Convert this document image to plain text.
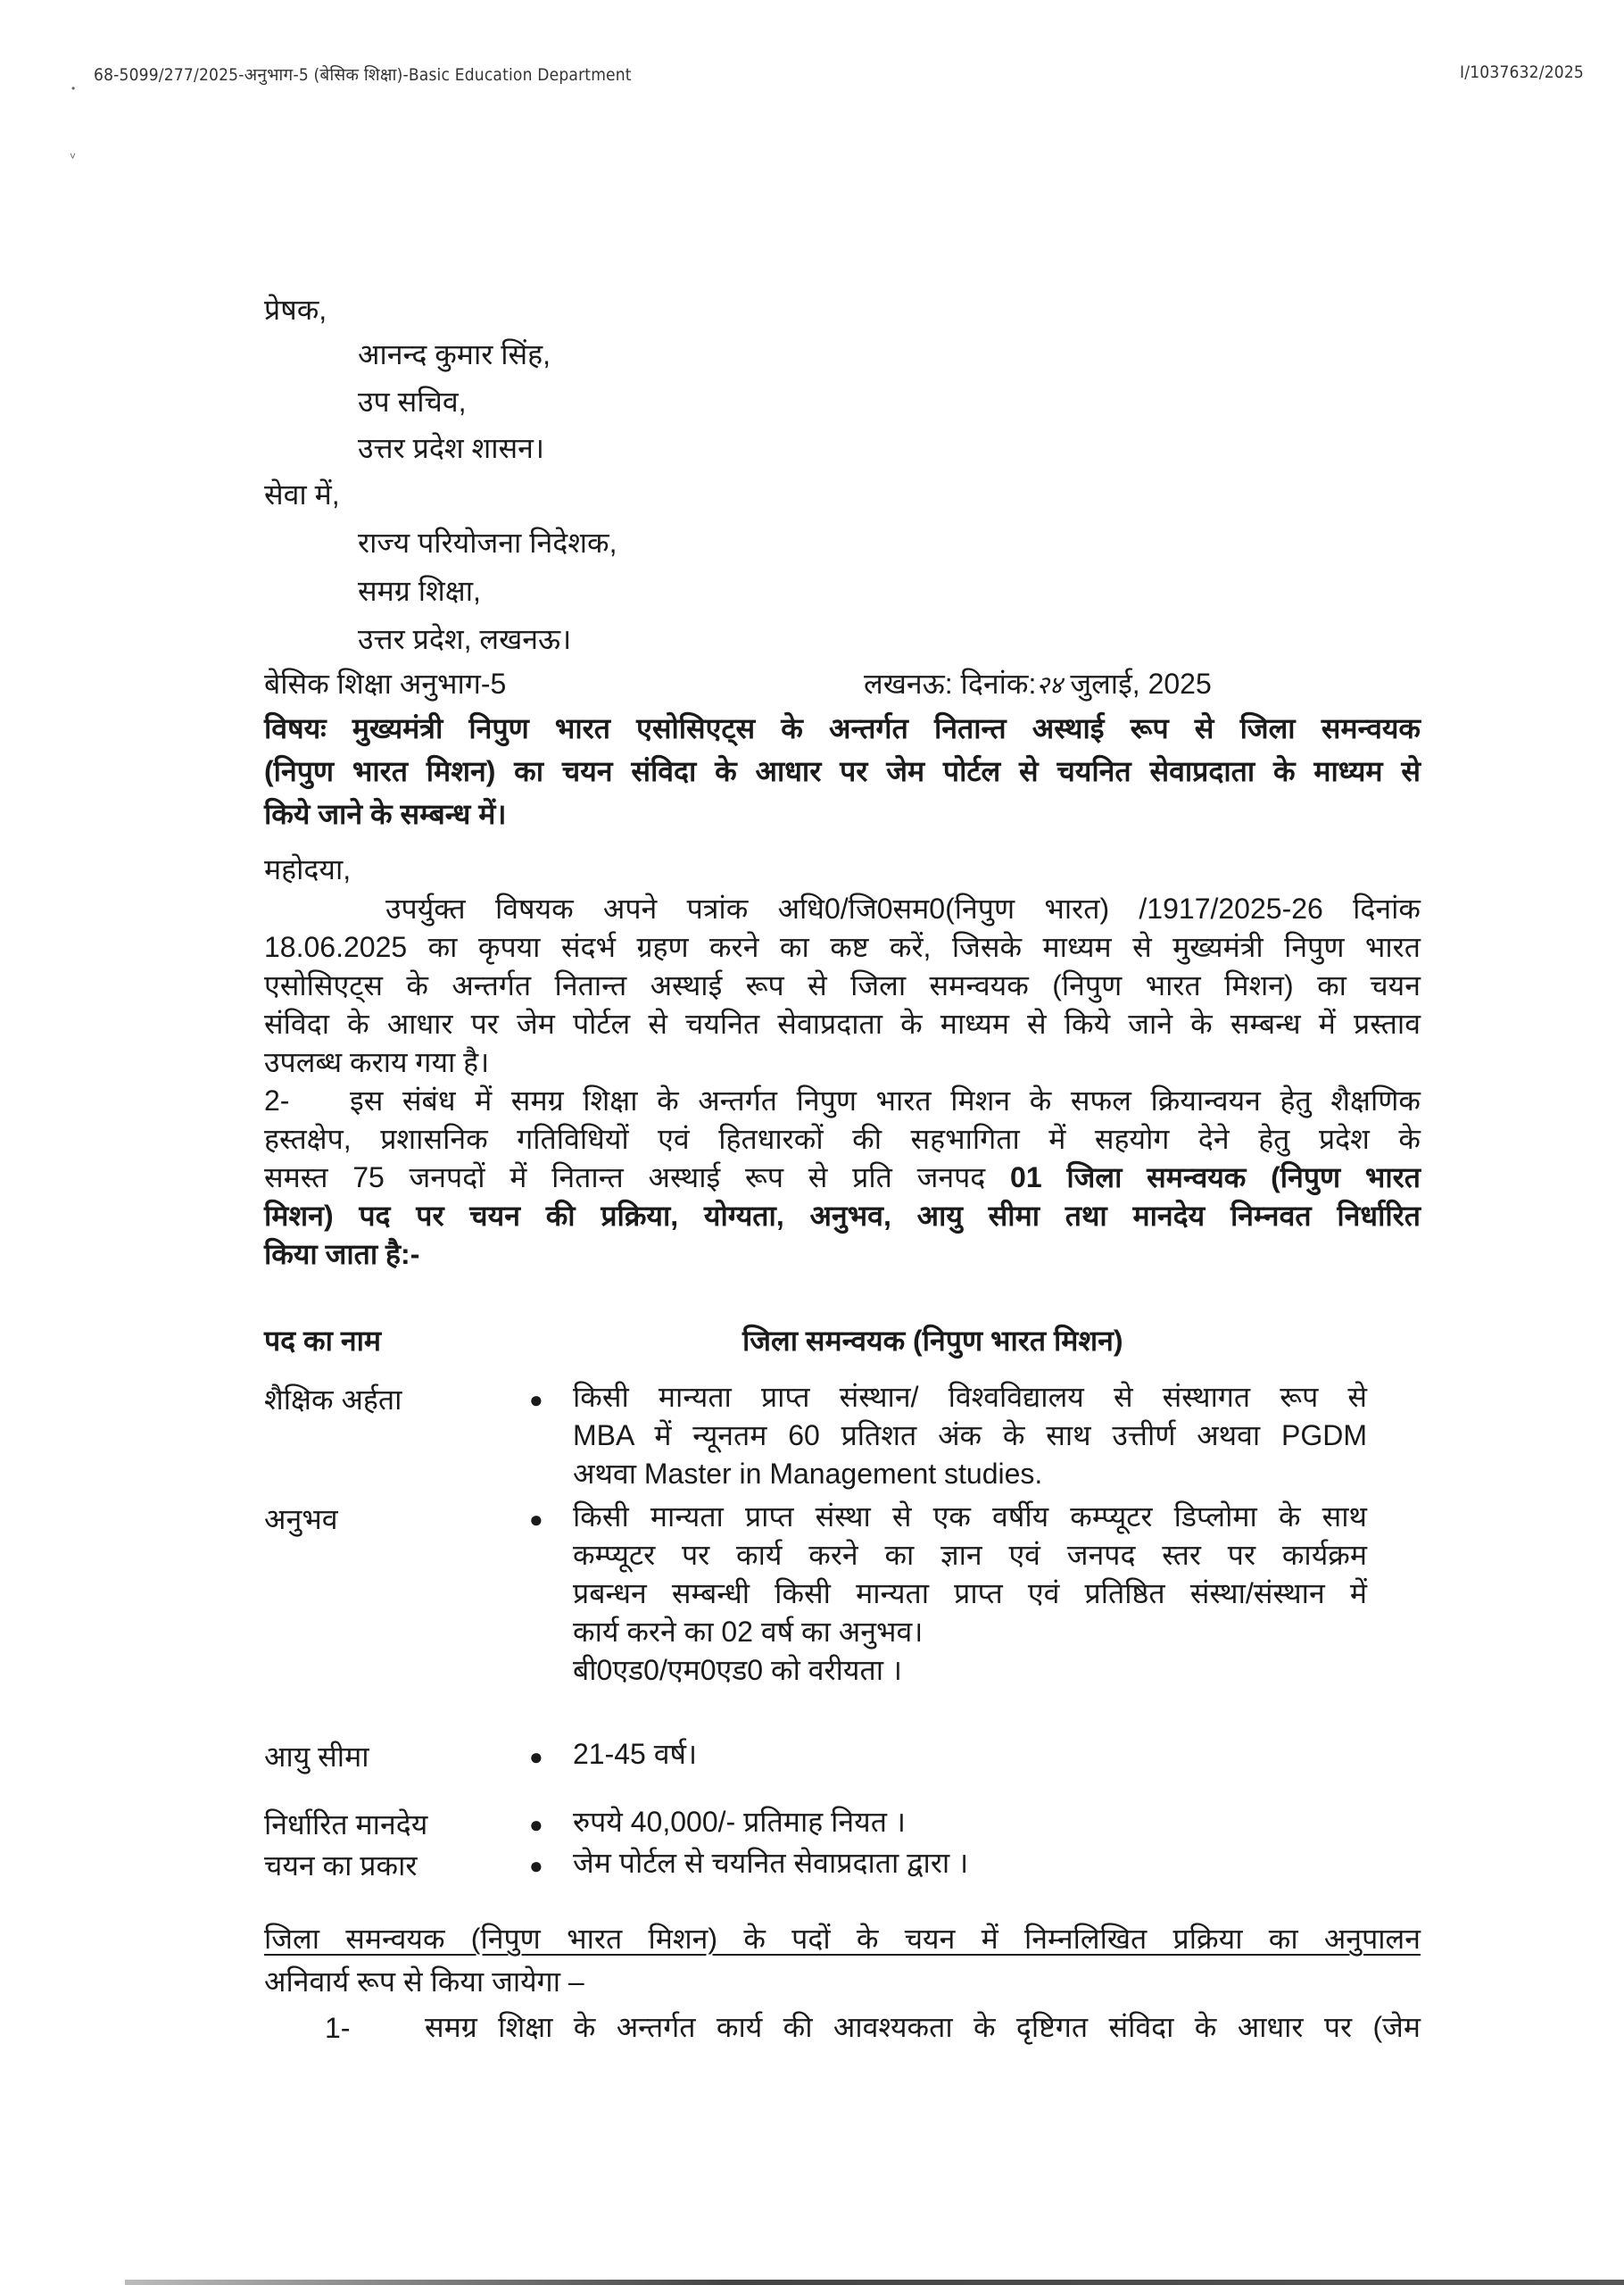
68-5099/277/2025-अनुभाग-5 (बेसिक शिक्षा)-Basic Education Department	I/1037632/2025
•
˅
प्रेषक,
आनन्द कुमार सिंह,
उप सचिव,
उत्तर प्रदेश शासन।
सेवा में,
राज्य परियोजना निदेशक,
समग्र शिक्षा,
उत्तर प्रदेश, लखनऊ।
बेसिक शिक्षा अनुभाग-5	लखनऊ: दिनांक:२४ जुलाई, 2025
विषयः मुख्यमंत्री निपुण भारत एसोसिएट्स के अन्तर्गत नितान्त अस्थाई रूप से जिला समन्वयक
(निपुण भारत मिशन) का चयन संविदा के आधार पर जेम पोर्टल से चयनित सेवाप्रदाता के माध्यम से
किये जाने के सम्बन्ध में।
महोदया,
उपर्युक्त विषयक अपने पत्रांक अधि0/जि0सम0(निपुण भारत) /1917/2025-26 दिनांक
18.06.2025 का कृपया संदर्भ ग्रहण करने का कष्ट करें, जिसके माध्यम से मुख्यमंत्री निपुण भारत
एसोसिएट्स के अन्तर्गत नितान्त अस्थाई रूप से जिला समन्वयक (निपुण भारत मिशन) का चयन
संविदा के आधार पर जेम पोर्टल से चयनित सेवाप्रदाता के माध्यम से किये जाने के सम्बन्ध में प्रस्ताव
उपलब्ध कराय गया है।
2- इस संबंध में समग्र शिक्षा के अन्तर्गत निपुण भारत मिशन के सफल क्रियान्वयन हेतु शैक्षणिक
हस्तक्षेप, प्रशासनिक गतिविधियों एवं हितधारकों की सहभागिता में सहयोग देने हेतु प्रदेश के
समस्त 75 जनपदों में नितान्त अस्थाई रूप से प्रति जनपद 01 जिला समन्वयक (निपुण भारत
मिशन) पद पर चयन की प्रक्रिया, योग्यता, अनुभव, आयु सीमा तथा मानदेय निम्नवत निर्धारित
किया जाता है:-
पद का नाम	जिला समन्वयक (निपुण भारत मिशन)
शैक्षिक अर्हता	● किसी मान्यता प्राप्त संस्थान/ विश्वविद्यालय से संस्थागत रूप से
MBA में न्यूनतम 60 प्रतिशत अंक के साथ उत्तीर्ण अथवा PGDM
अथवा Master in Management studies.
अनुभव	● किसी मान्यता प्राप्त संस्था से एक वर्षीय कम्प्यूटर डिप्लोमा के साथ
कम्प्यूटर पर कार्य करने का ज्ञान एवं जनपद स्तर पर कार्यक्रम
प्रबन्धन सम्बन्धी किसी मान्यता प्राप्त एवं प्रतिष्ठित संस्था/संस्थान में
कार्य करने का 02 वर्ष का अनुभव।
बी0एड0/एम0एड0 को वरीयता ।
आयु सीमा	● 21-45 वर्ष।
निर्धारित मानदेय	● रुपये 40,000/- प्रतिमाह नियत ।
चयन का प्रकार	● जेम पोर्टल से चयनित सेवाप्रदाता द्वारा ।
जिला समन्वयक (निपुण भारत मिशन) के पदों के चयन में निम्नलिखित प्रक्रिया का अनुपालन
अनिवार्य रूप से किया जायेगा –
1-	समग्र शिक्षा के अन्तर्गत कार्य की आवश्यकता के दृष्टिगत संविदा के आधार पर (जेम
